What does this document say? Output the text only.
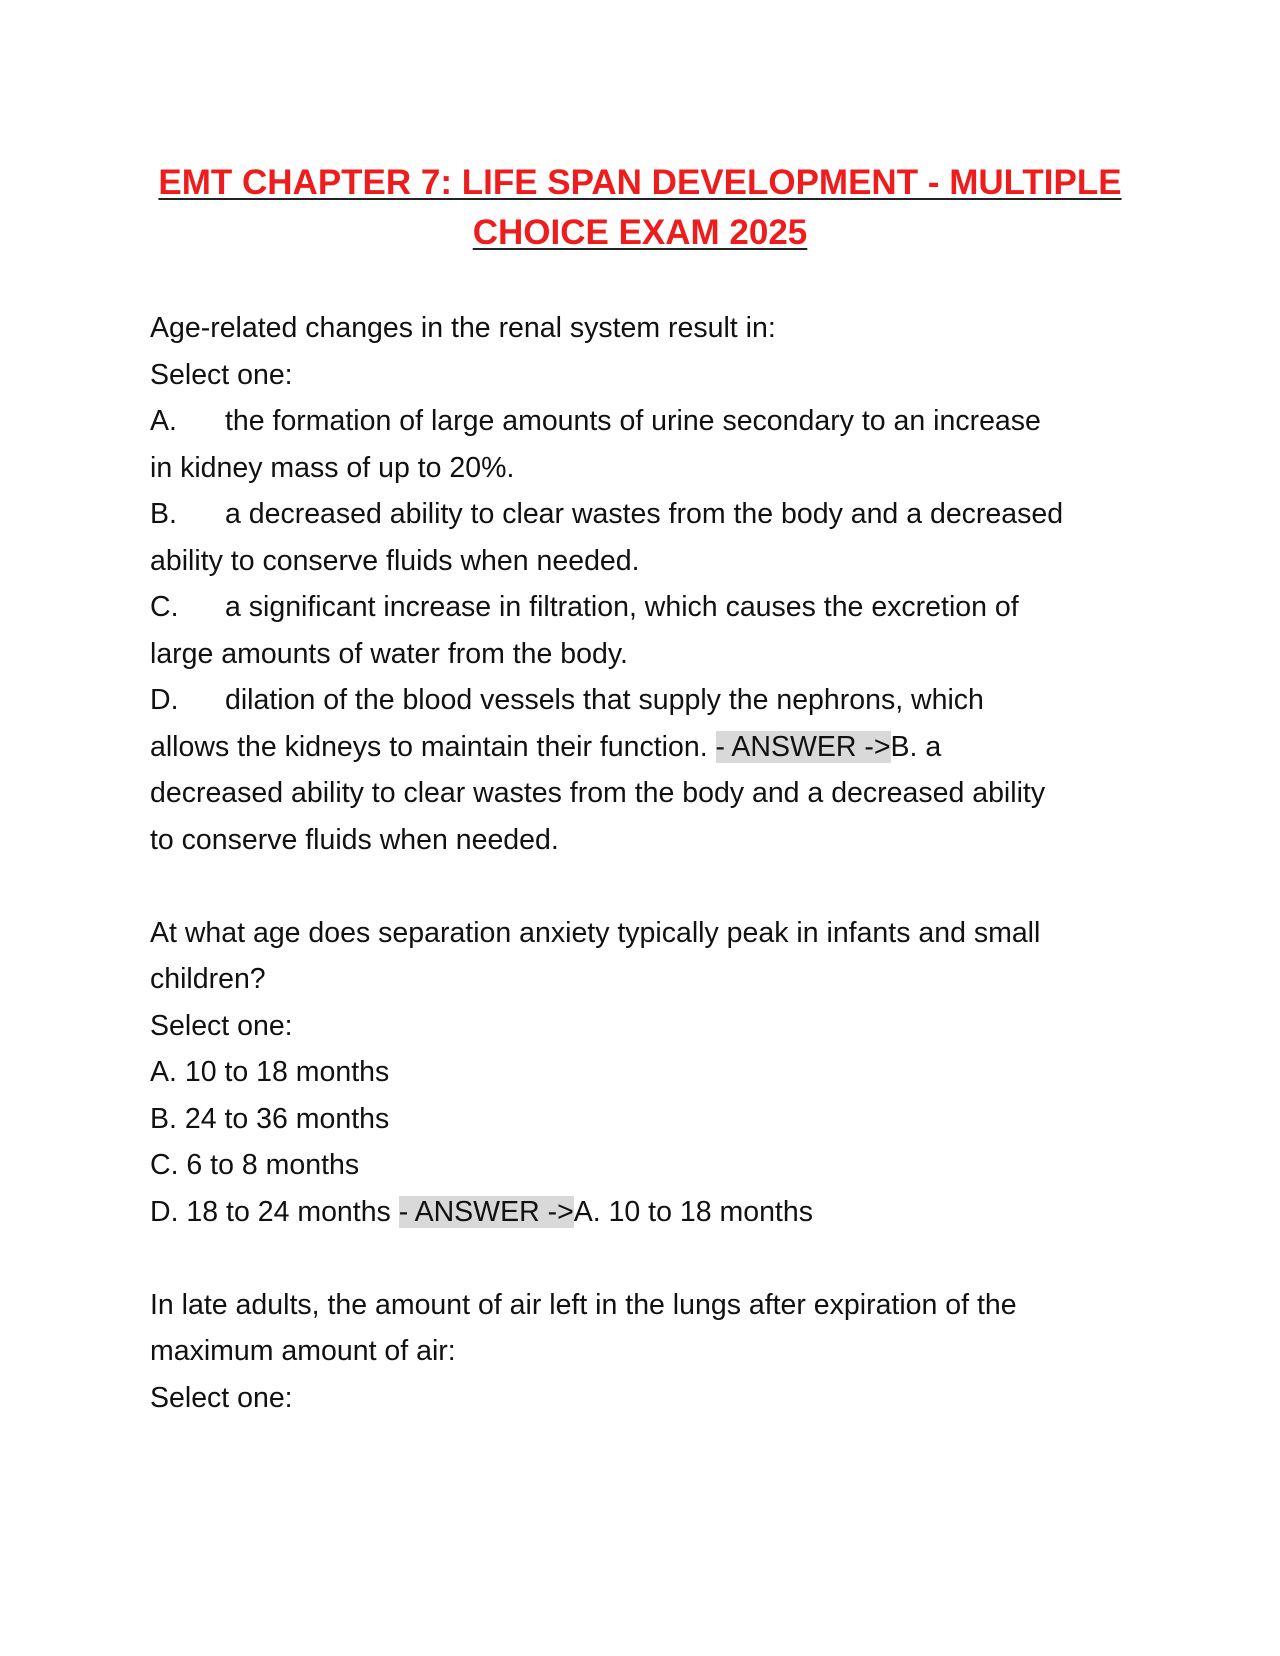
EMT CHAPTER 7: LIFE SPAN DEVELOPMENT - MULTIPLE
CHOICE EXAM 2025

Age-related changes in the renal system result in:

Select one:

A. the formation of large amounts of urine secondary to an increase

in kidney mass of up to 20%.

B. a decreased ability to clear wastes from the body and a decreased

ability to conserve fluids when needed.

C. a significant increase in filtration, which causes the excretion of

large amounts of water from the body.

D. dilation of the blood vessels that supply the nephrons, which

allows the kidneys to maintain their function. - ANSWER ->B. a

decreased ability to clear wastes from the body and a decreased ability

to conserve fluids when needed.

At what age does separation anxiety typically peak in infants and small

children?

Select one:

A. 10 to 18 months

B. 24 to 36 months

C. 6 to 8 months

D. 18 to 24 months - ANSWER ->A. 10 to 18 months

In late adults, the amount of air left in the lungs after expiration of the

maximum amount of air:

Select one:
